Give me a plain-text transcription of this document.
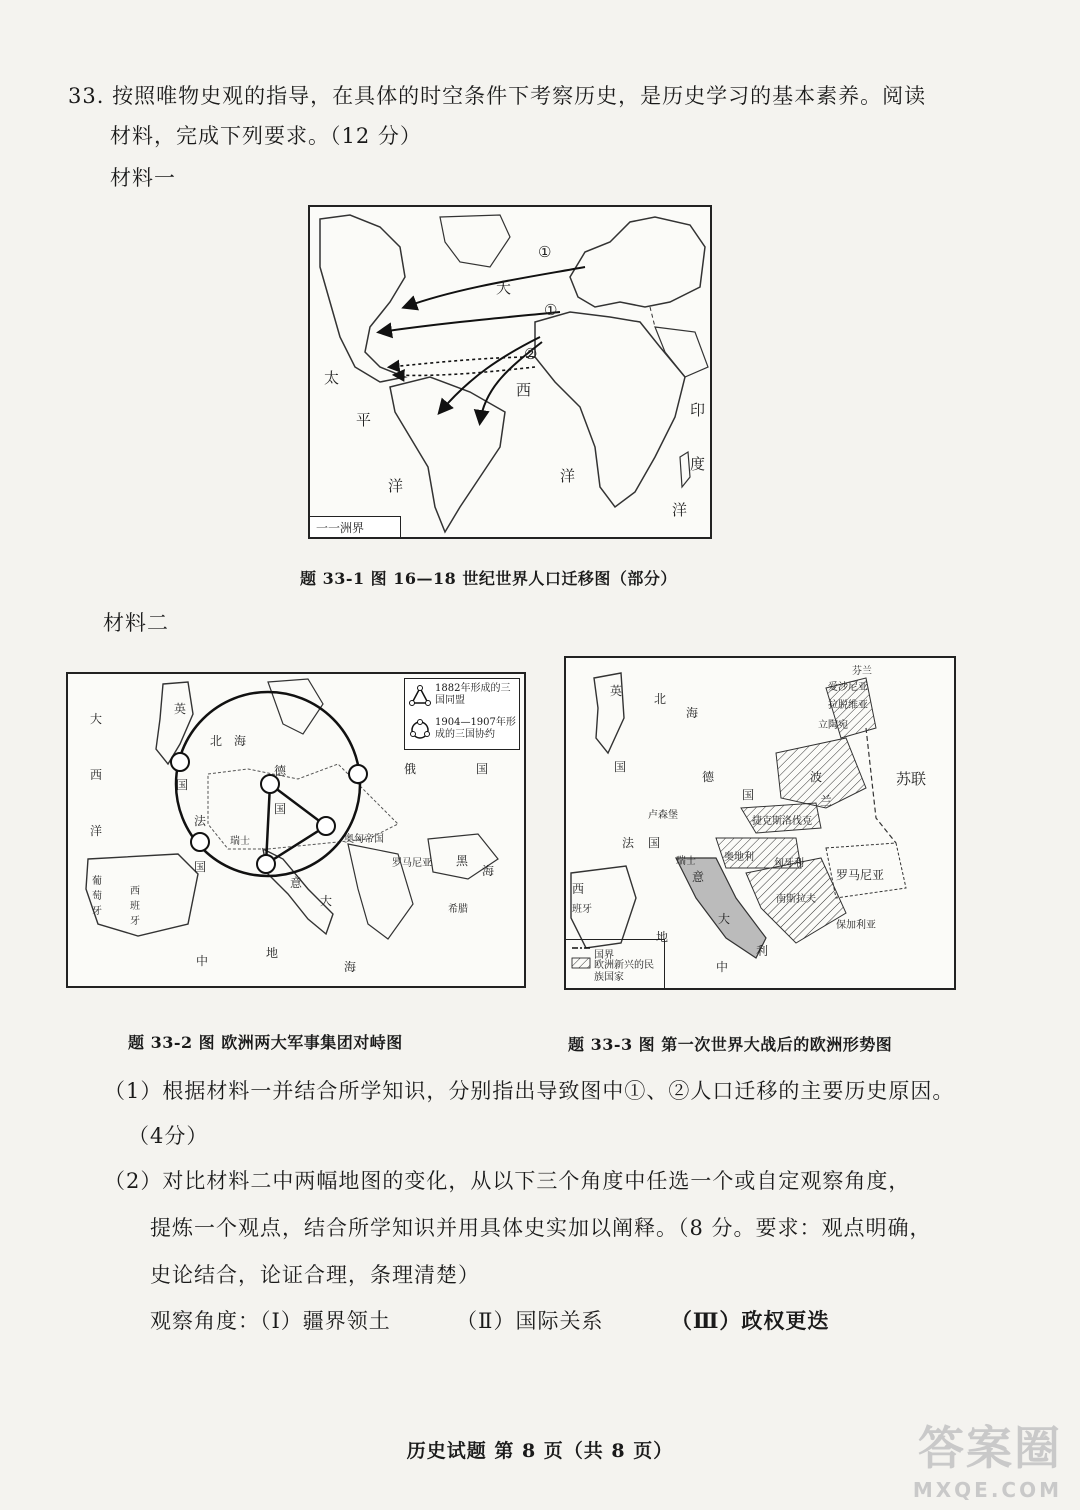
33. 按照唯物史观的指导，在具体的时空条件下考察历史，是历史学习的基本素养。阅读
材料，完成下列要求。（12 分）
材料一
大
西
太
平
洋
洋
印
度
洋
①
①
②
一一洲界
题 33-1 图 16—18 世纪世界人口迁移图（部分）
材料二
1882年形成的三国同盟
1904—1907年形成的三国协约
大
西
洋
英
国
北 海
法
国
德
国
俄	国
瑞士	奥匈帝国
意
大
罗马尼亚 黑
海
葡萄牙
西班牙
地
中	海
希腊
国界
欧洲新兴的民族国家
英
北
海
国
德
国
法 国
波
兰
苏联
捷克斯洛伐克
奥地利
匈牙利
罗马尼亚
意
大
利
保加利亚
西
班牙
地
中
瑞士
卢森堡
南斯拉夫
立陶宛
拉脱维亚
爱沙尼亚
芬兰
题 33-2 图 欧洲两大军事集团对峙图	题 33-3 图 第一次世界大战后的欧洲形势图
（1）根据材料一并结合所学知识，分别指出导致图中①、②人口迁移的主要历史原因。
（4分）
（2）对比材料二中两幅地图的变化，从以下三个角度中任选一个或自定观察角度，
提炼一个观点，结合所学知识并用具体史实加以阐释。（8 分。要求：观点明确，
史论结合，论证合理，条理清楚）
观察角度：（Ⅰ）疆界领土	（Ⅱ）国际关系	（Ⅲ）政权更迭
历史试题 第 8 页（共 8 页）	答案圈
MXQE.COM
